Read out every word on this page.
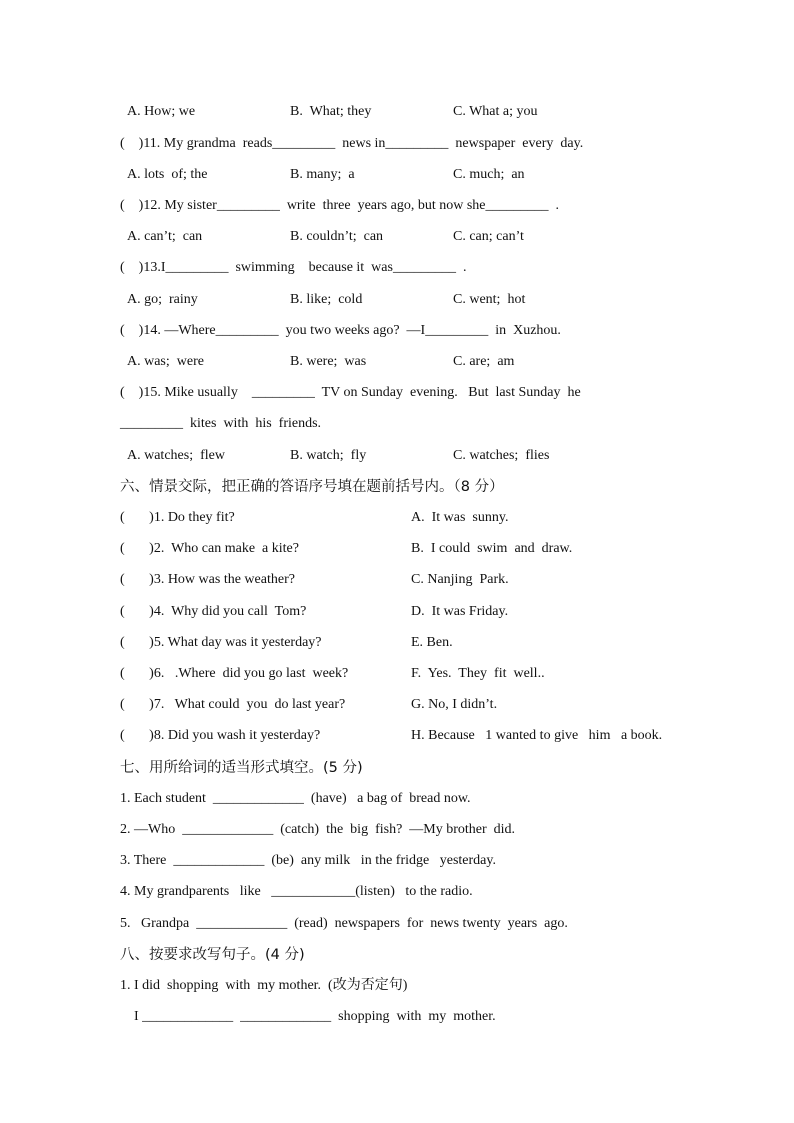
A. How; we	B.  What; they	C. What a; you
(    )11. My grandma  reads_________  news in_________  newspaper  every  day.
A. lots  of; the	B. many;  a	C. much;  an
(    )12. My sister_________  write  three  years ago, but now she_________  .
A. can’t;  can	B. couldn’t;  can	C. can; can’t
(    )13.I_________  swimming    because it  was_________  .
A. go;  rainy	B. like;  cold	C. went;  hot
(    )14. —Where_________  you two weeks ago?  —I_________  in  Xuzhou.
A. was;  were	B. were;  was	C. are;  am
(    )15. Mike usually    _________  TV on Sunday  evening.   But  last Sunday  he
_________  kites  with  his  friends.
A. watches;  flew	B. watch;  fly	C. watches;  flies
六、情景交际，把正确的答语序号填在题前括号内。（8 分）
(       )1. Do they fit?	A.  It was  sunny.
(       )2.  Who can make  a kite?	B.  I could  swim  and  draw.
(       )3. How was the weather?	C. Nanjing  Park.
(       )4.  Why did you call  Tom?	D.  It was Friday.
(       )5. What day was it yesterday?	E. Ben.
(       )6.   .Where  did you go last  week?	F.  Yes.  They  fit  well..
(       )7.   What could  you  do last year?	G. No, I didn’t.
(       )8. Did you wash it yesterday?	H. Because   1 wanted to give   him   a book.
七、用所给词的适当形式填空。(5 分)
1. Each student  _____________  (have)   a bag of  bread now.
2. —Who  _____________  (catch)  the  big  fish?  —My brother  did.
3. There  _____________  (be)  any milk   in the fridge   yesterday.
4. My grandparents   like   ____________(listen)   to the radio.
5.   Grandpa  _____________  (read)  newspapers  for  news twenty  years  ago.
八、按要求改写句子。(4 分)
1. I did  shopping  with  my mother.  (改为否定句)
I _____________  _____________  shopping  with  my  mother.
